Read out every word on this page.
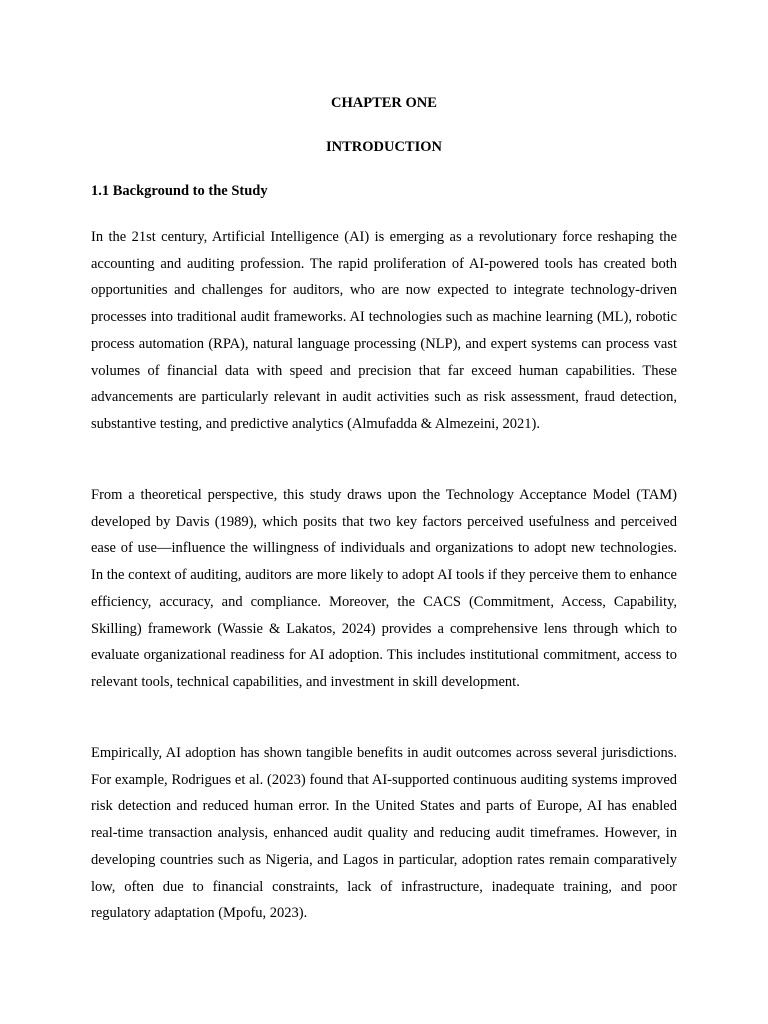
CHAPTER ONE
INTRODUCTION
1.1 Background to the Study

In the 21st century, Artificial Intelligence (AI) is emerging as a revolutionary force reshaping the accounting and auditing profession. The rapid proliferation of AI-powered tools has created both opportunities and challenges for auditors, who are now expected to integrate technology-driven processes into traditional audit frameworks. AI technologies such as machine learning (ML), robotic process automation (RPA), natural language processing (NLP), and expert systems can process vast volumes of financial data with speed and precision that far exceed human capabilities. These advancements are particularly relevant in audit activities such as risk assessment, fraud detection, substantive testing, and predictive analytics (Almufadda & Almezeini, 2021).

From a theoretical perspective, this study draws upon the Technology Acceptance Model (TAM) developed by Davis (1989), which posits that two key factors perceived usefulness and perceived ease of use—influence the willingness of individuals and organizations to adopt new technologies. In the context of auditing, auditors are more likely to adopt AI tools if they perceive them to enhance efficiency, accuracy, and compliance. Moreover, the CACS (Commitment, Access, Capability, Skilling) framework (Wassie & Lakatos, 2024) provides a comprehensive lens through which to evaluate organizational readiness for AI adoption. This includes institutional commitment, access to relevant tools, technical capabilities, and investment in skill development.

Empirically, AI adoption has shown tangible benefits in audit outcomes across several jurisdictions. For example, Rodrigues et al. (2023) found that AI-supported continuous auditing systems improved risk detection and reduced human error. In the United States and parts of Europe, AI has enabled real-time transaction analysis, enhanced audit quality and reducing audit timeframes. However, in developing countries such as Nigeria, and Lagos in particular, adoption rates remain comparatively low, often due to financial constraints, lack of infrastructure, inadequate training, and poor regulatory adaptation (Mpofu, 2023).
